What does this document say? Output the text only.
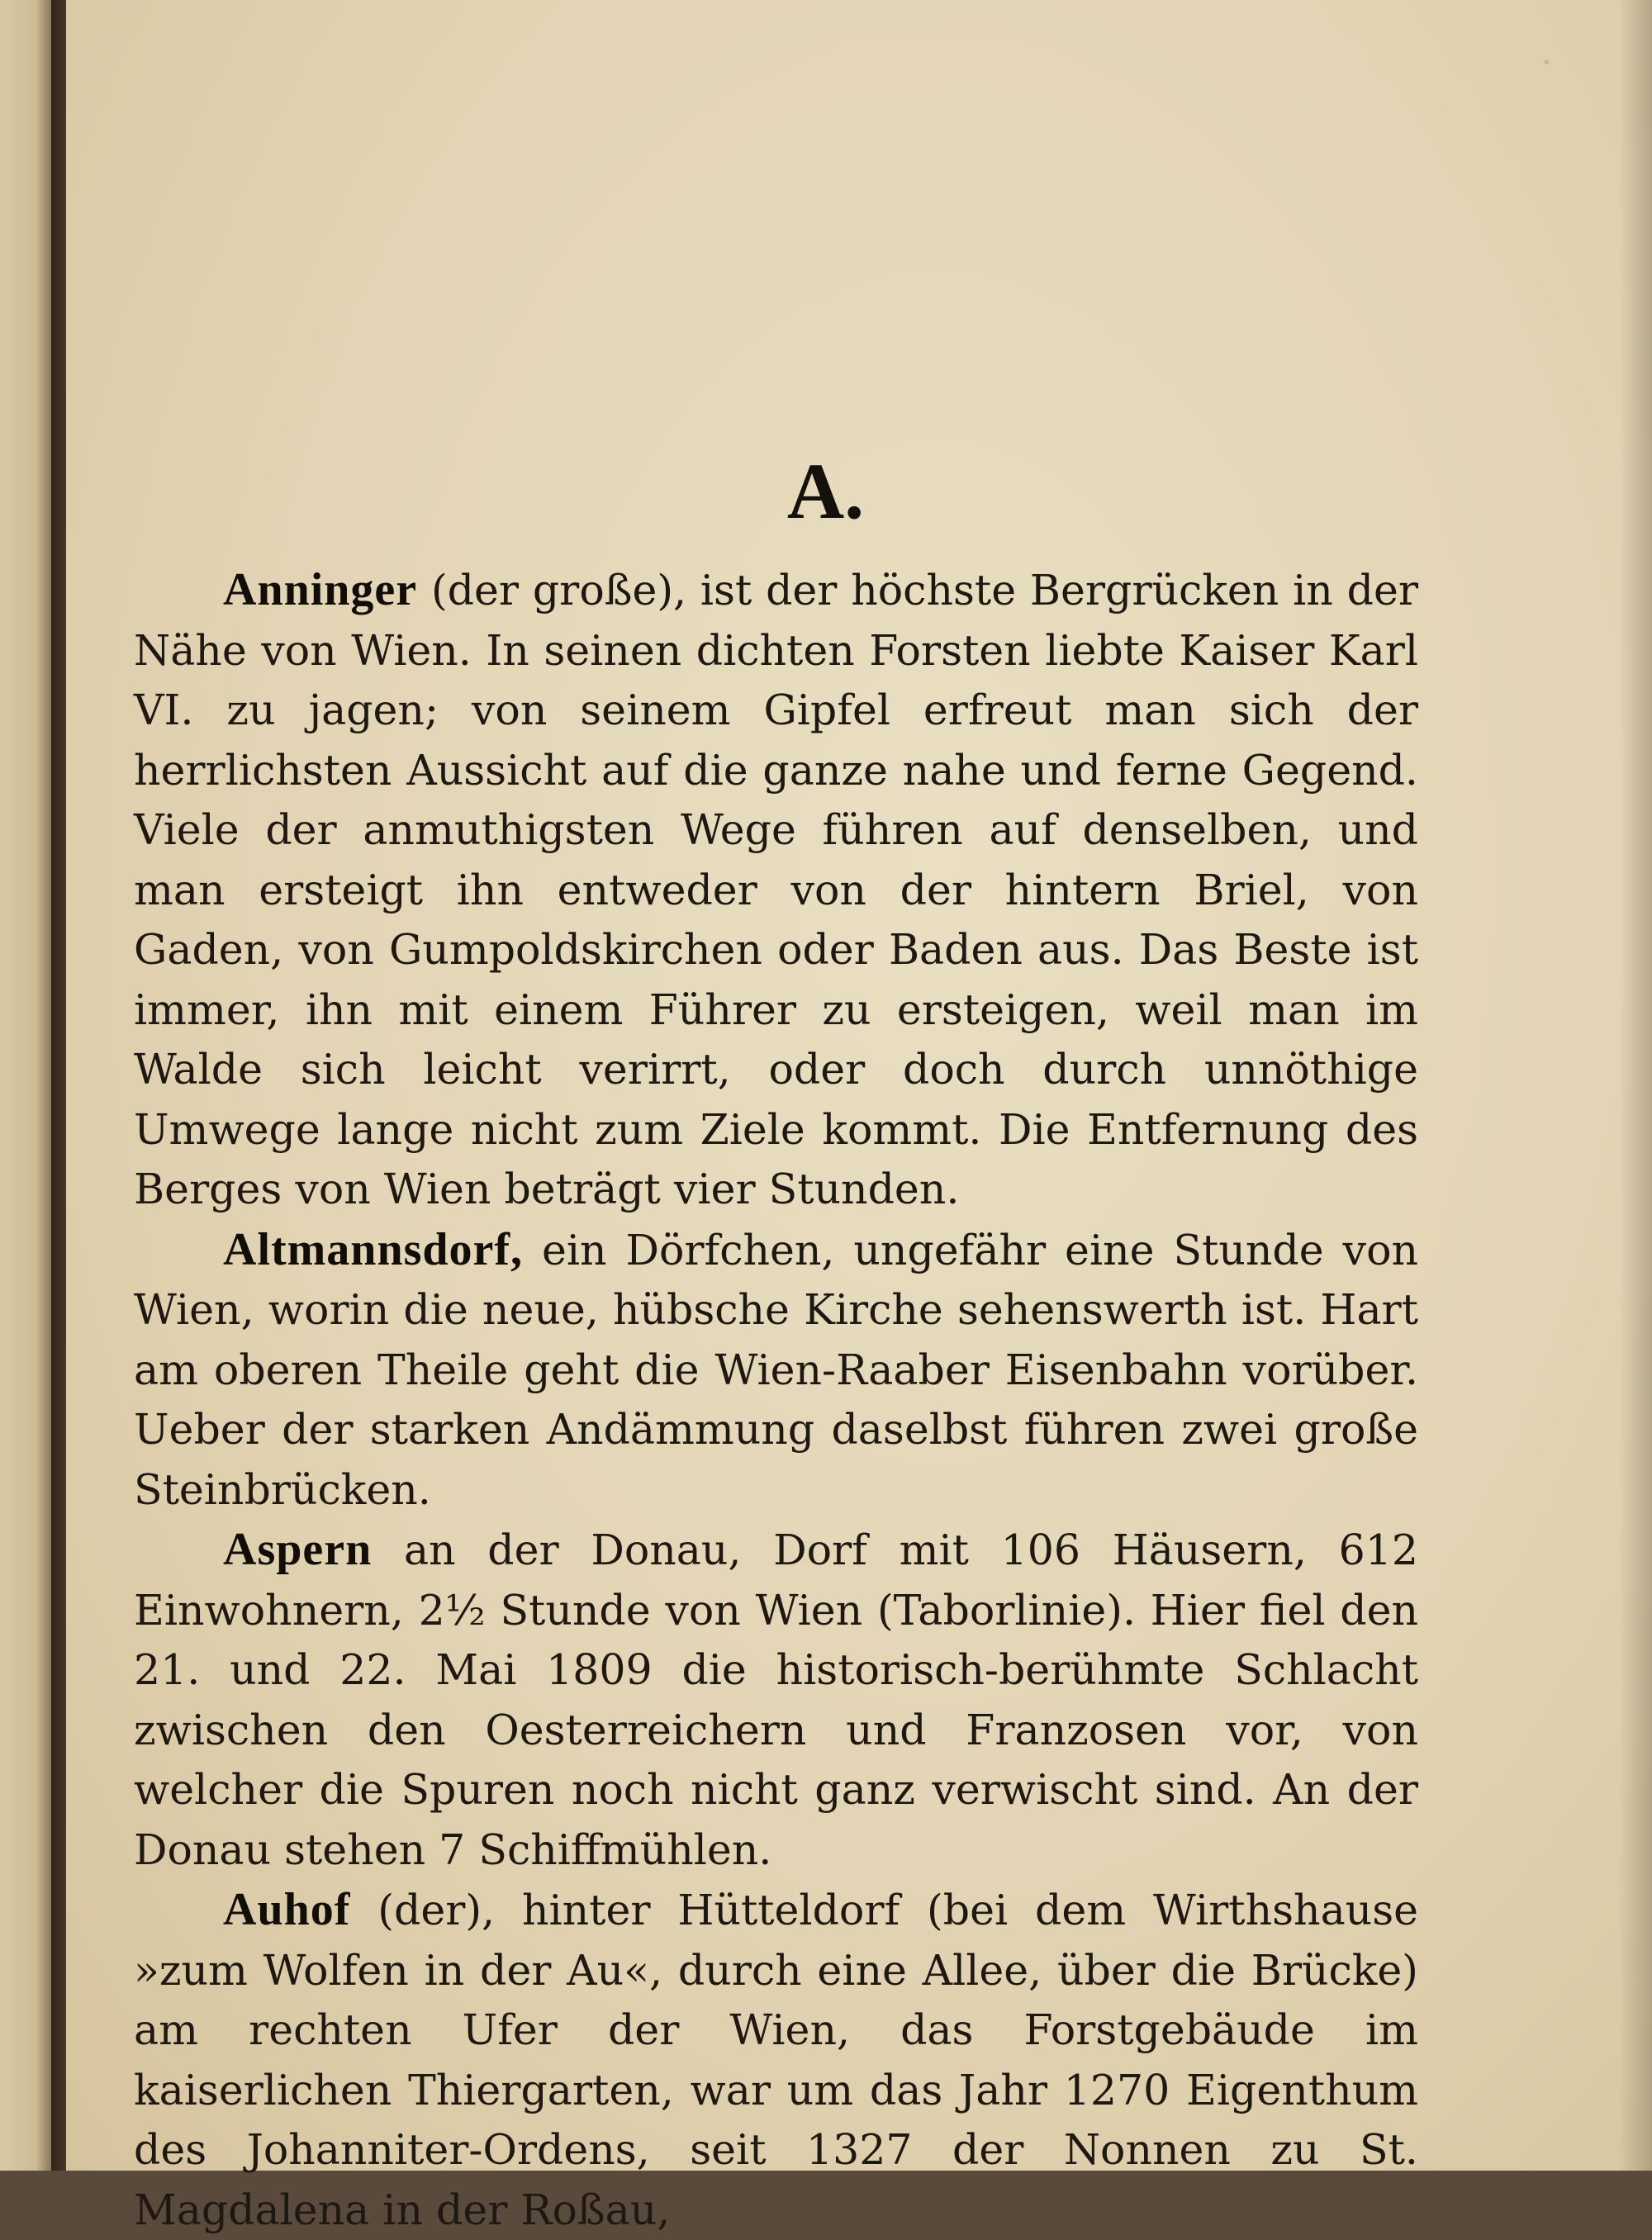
·
A.

Anninger (der große), ist der höchste Bergrücken in der Nähe von Wien. In seinen dichten Forsten liebte Kaiser Karl VI. zu jagen; von seinem Gipfel erfreut man sich der herrlichsten Aussicht auf die ganze nahe und ferne Gegend. Viele der anmuthigsten Wege führen auf denselben, und man ersteigt ihn entweder von der hintern Briel, von Gaden, von Gumpoldskirchen oder Baden aus. Das Beste ist immer, ihn mit einem Führer zu ersteigen, weil man im Walde sich leicht verirrt, oder doch durch unnöthige Umwege lange nicht zum Ziele kommt. Die Entfernung des Berges von Wien beträgt vier Stunden.

Altmannsdorf, ein Dörfchen, ungefähr eine Stunde von Wien, worin die neue, hübsche Kirche sehenswerth ist. Hart am oberen Theile geht die Wien-Raaber Eisenbahn vorüber. Ueber der starken Andämmung daselbst führen zwei große Steinbrücken.

Aspern an der Donau, Dorf mit 106 Häusern, 612 Einwohnern, 2½ Stunde von Wien (Taborlinie). Hier fiel den 21. und 22. Mai 1809 die historisch-berühmte Schlacht zwischen den Oesterreichern und Franzosen vor, von welcher die Spuren noch nicht ganz verwischt sind. An der Donau stehen 7 Schiffmühlen.

Auhof (der), hinter Hütteldorf (bei dem Wirthshause »zum Wolfen in der Au«, durch eine Allee, über die Brücke) am rechten Ufer der Wien, das Forstgebäude im kaiserlichen Thiergarten, war um das Jahr 1270 Eigenthum des Johanniter-Ordens, seit 1327 der Nonnen zu St. Magdalena in der Roßau,
